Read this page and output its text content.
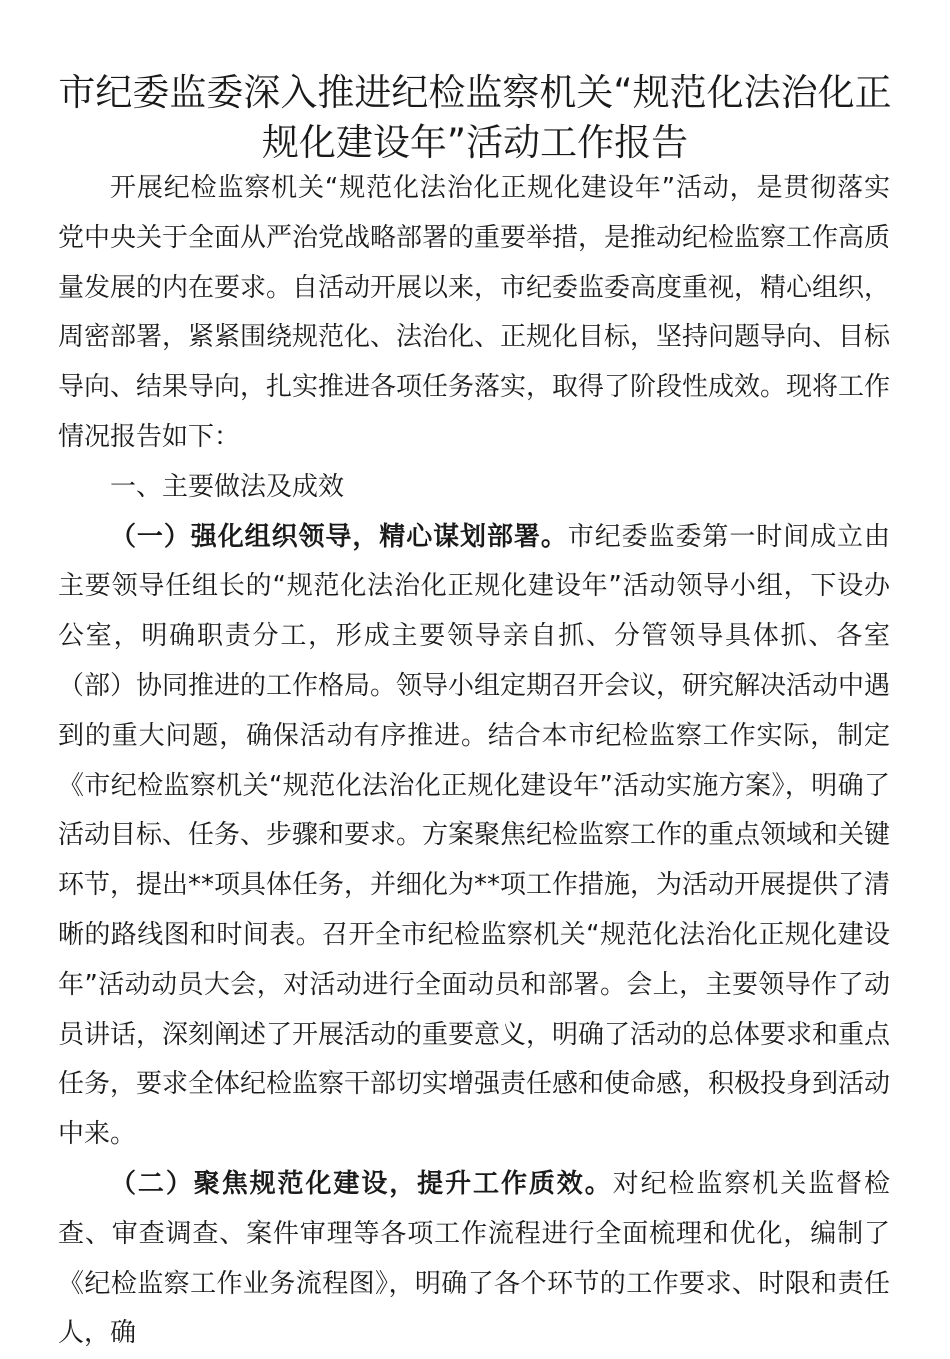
市纪委监委深入推进纪检监察机关“规范化法治化正规化建设年”活动工作报告

开展纪检监察机关“规范化法治化正规化建设年”活动，是贯彻落实党中央关于全面从严治党战略部署的重要举措，是推动纪检监察工作高质量发展的内在要求。自活动开展以来，市纪委监委高度重视，精心组织，周密部署，紧紧围绕规范化、法治化、正规化目标，坚持问题导向、目标导向、结果导向，扎实推进各项任务落实，取得了阶段性成效。现将工作情况报告如下：

一、主要做法及成效

（一）强化组织领导，精心谋划部署。市纪委监委第一时间成立由主要领导任组长的“规范化法治化正规化建设年”活动领导小组，下设办公室，明确职责分工，形成主要领导亲自抓、分管领导具体抓、各室（部）协同推进的工作格局。领导小组定期召开会议，研究解决活动中遇到的重大问题，确保活动有序推进。结合本市纪检监察工作实际，制定《市纪检监察机关“规范化法治化正规化建设年”活动实施方案》，明确了活动目标、任务、步骤和要求。方案聚焦纪检监察工作的重点领域和关键环节，提出**项具体任务，并细化为**项工作措施，为活动开展提供了清晰的路线图和时间表。召开全市纪检监察机关“规范化法治化正规化建设年”活动动员大会，对活动进行全面动员和部署。会上，主要领导作了动员讲话，深刻阐述了开展活动的重要意义，明确了活动的总体要求和重点任务，要求全体纪检监察干部切实增强责任感和使命感，积极投身到活动中来。

（二）聚焦规范化建设，提升工作质效。对纪检监察机关监督检查、审查调查、案件审理等各项工作流程进行全面梳理和优化，编制了《纪检监察工作业务流程图》，明确了各个环节的工作要求、时限和责任人，确
